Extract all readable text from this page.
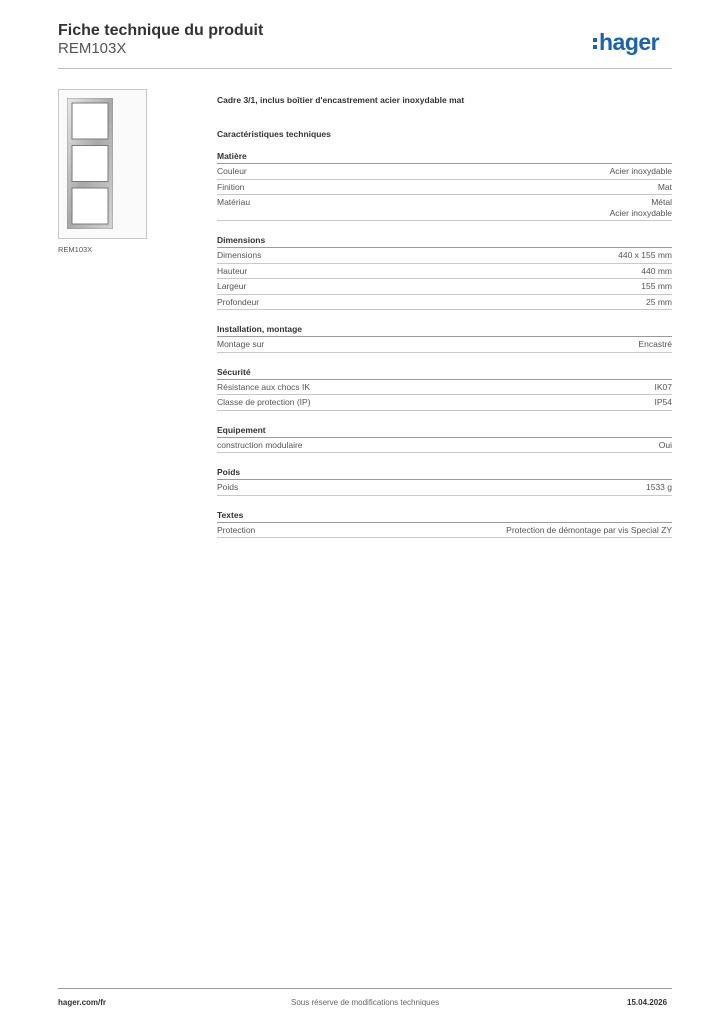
Fiche technique du produit
REM103X	hager
REM103X
Cadre 3/1, inclus boîtier d'encastrement acier inoxydable mat
Caractéristiques techniques
Matière
Couleur	Acier inoxydable
Finition	Mat
Matériau	Métal
Acier inoxydable
Dimensions
Dimensions	440 x 155 mm
Hauteur	440 mm
Largeur	155 mm
Profondeur	25 mm
Installation, montage
Montage sur	Encastré
Sécurité
Résistance aux chocs IK	IK07
Classe de protection (IP)	IP54
Equipement
construction modulaire	Oui
Poids
Poids	1533 g
Textes
Protection	Protection de démontage par vis Special ZY
hager.com/fr	Sous réserve de modifications techniques	15.04.2026
